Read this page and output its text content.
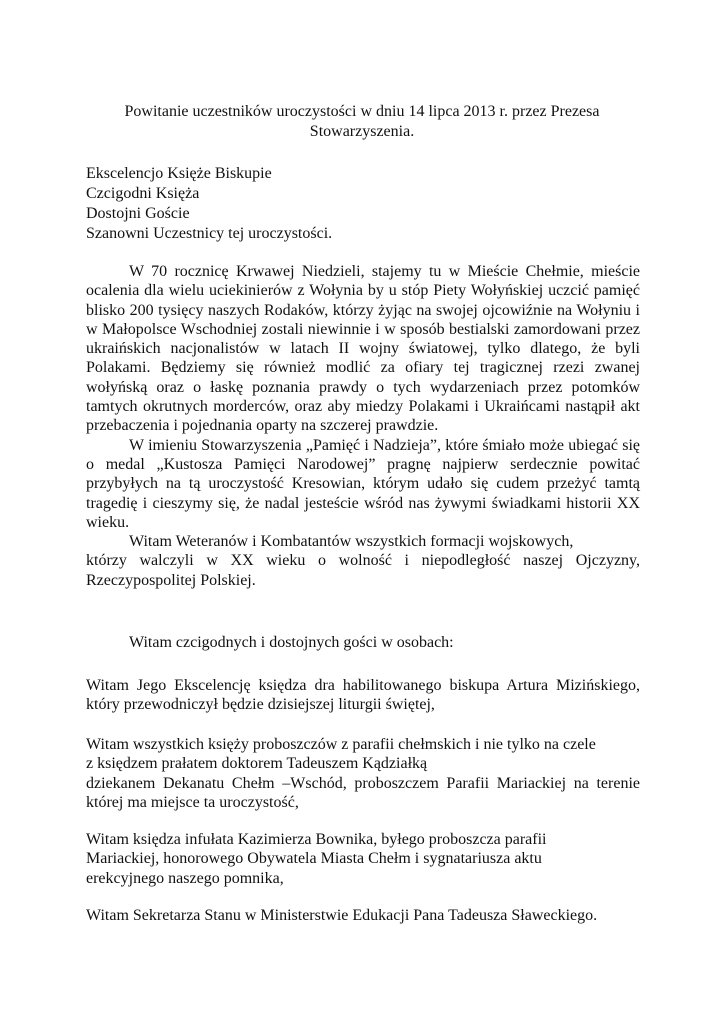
Powitanie uczestników uroczystości w dniu 14 lipca 2013 r. przez Prezesa
Stowarzyszenia.
Ekscelencjo Księże Biskupie
Czcigodni Księża
Dostojni Goście
Szanowni Uczestnicy tej uroczystości.

W 70 rocznicę Krwawej Niedzieli, stajemy tu w Mieście Chełmie, mieście ocalenia dla wielu uciekinierów z Wołynia by u stóp Piety Wołyńskiej uczcić pamięć blisko 200 tysięcy naszych Rodaków, którzy żyjąc na swojej ojcowiźnie na Wołyniu i w Małopolsce Wschodniej zostali niewinnie i w sposób bestialski zamordowani przez ukraińskich nacjonalistów w latach II wojny światowej, tylko dlatego, że byli Polakami. Będziemy się również modlić za ofiary tej tragicznej rzezi zwanej wołyńską oraz o łaskę poznania prawdy o tych wydarzeniach przez potomków tamtych okrutnych morderców, oraz aby miedzy Polakami i Ukraińcami nastąpił akt przebaczenia i pojednania oparty na szczerej prawdzie.

W imieniu Stowarzyszenia „Pamięć i Nadzieja”, które śmiało może ubiegać się o medal „Kustosza Pamięci Narodowej” pragnę najpierw serdecznie powitać przybyłych na tą uroczystość Kresowian, którym udało się cudem przeżyć tamtą tragedię i cieszymy się, że nadal jesteście wśród nas żywymi świadkami historii XX wieku.

Witam Weteranów i Kombatantów wszystkich formacji wojskowych,

którzy walczyli w XX wieku o wolność i niepodległość naszej Ojczyzny, Rzeczypospolitej Polskiej.

Witam czcigodnych i dostojnych gości w osobach:

Witam Jego Ekscelencję księdza dra habilitowanego biskupa Artura Mizińskiego, który przewodniczył będzie dzisiejszej liturgii świętej,

Witam wszystkich księży proboszczów z parafii chełmskich i nie tylko na czele

z księdzem prałatem doktorem Tadeuszem Kądziałką

dziekanem Dekanatu Chełm –Wschód, proboszczem Parafii Mariackiej na terenie której ma miejsce ta uroczystość,

Witam księdza infułata Kazimierza Bownika, byłego proboszcza parafii

Mariackiej, honorowego Obywatela Miasta Chełm i sygnatariusza aktu

erekcyjnego naszego pomnika,

Witam Sekretarza Stanu w Ministerstwie Edukacji Pana Tadeusza Sławeckiego.
